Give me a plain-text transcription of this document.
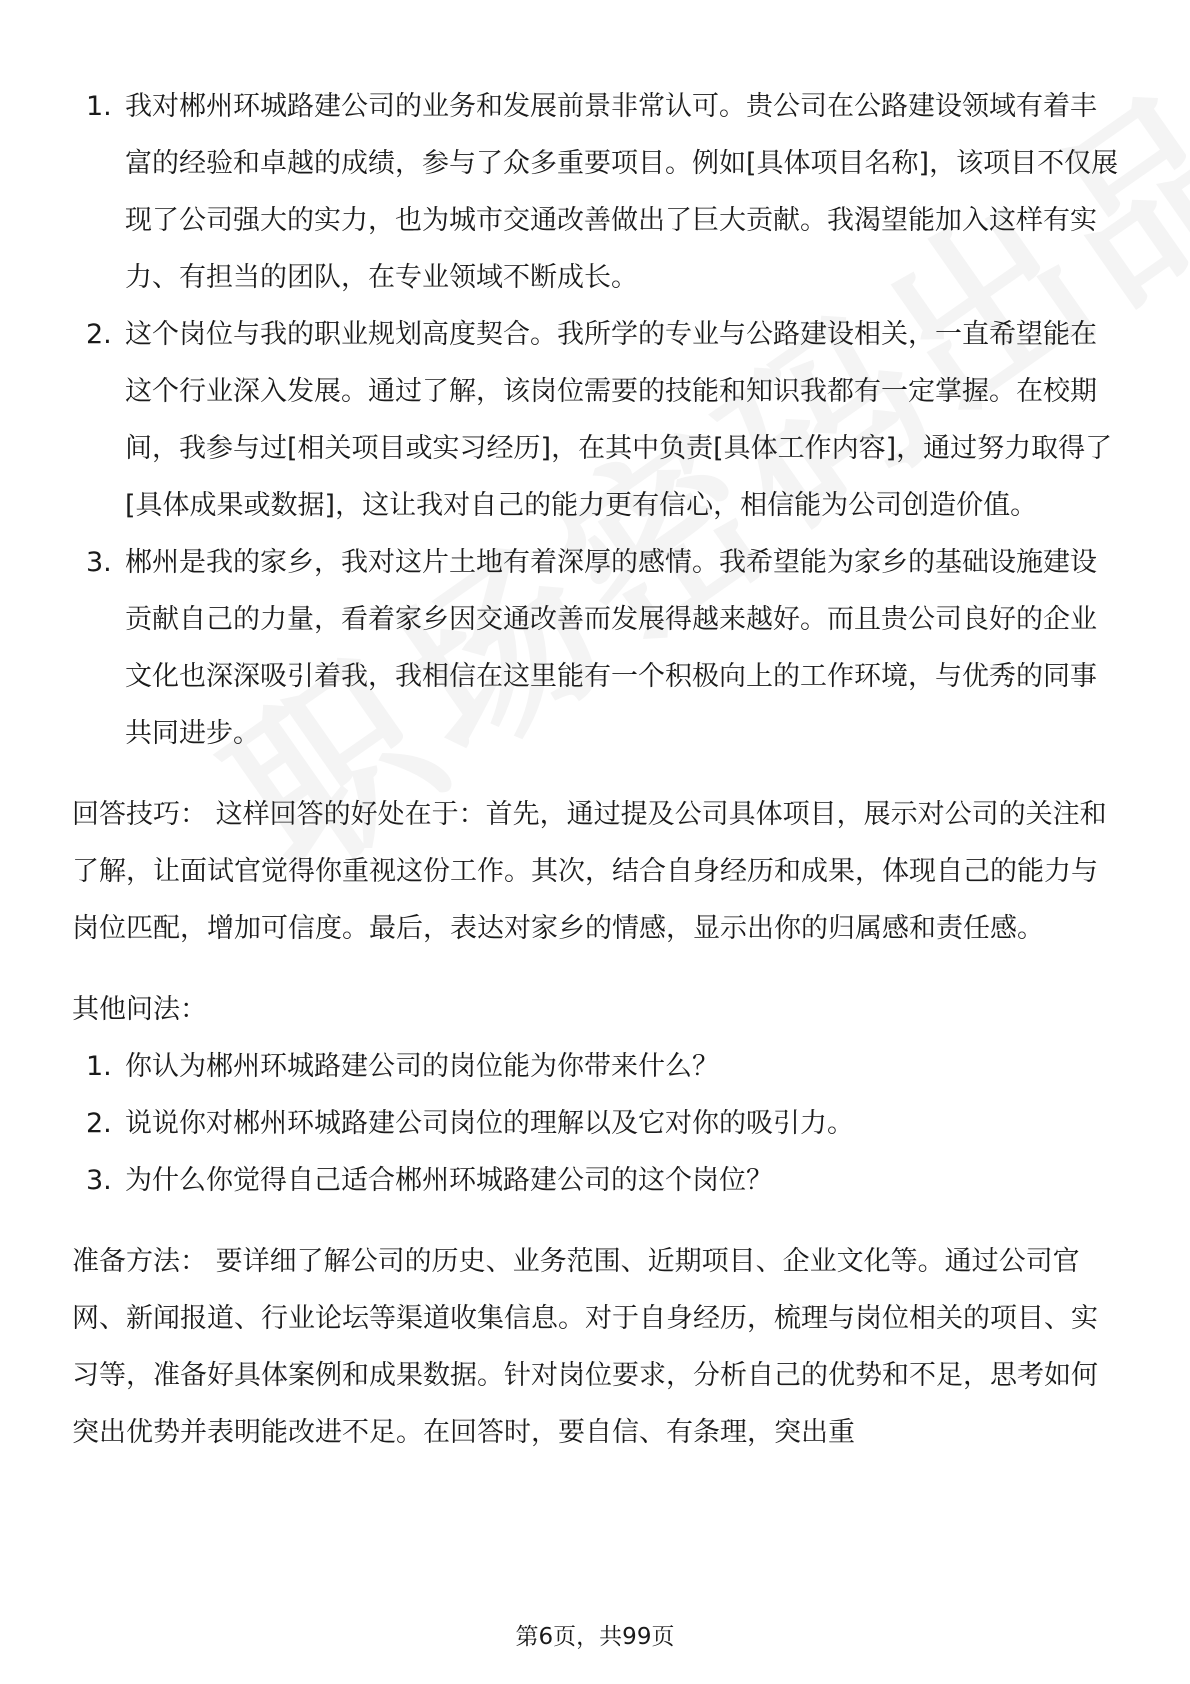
1. 我对郴州环城路建公司的业务和发展前景非常认可。贵公司在公路建设领域有着丰富的经验和卓越的成绩，参与了众多重要项目。例如[具体项目名称]，该项目不仅展现了公司强大的实力，也为城市交通改善做出了巨大贡献。我渴望能加入这样有实力、有担当的团队，在专业领域不断成长。
2. 这个岗位与我的职业规划高度契合。我所学的专业与公路建设相关，一直希望能在这个行业深入发展。通过了解，该岗位需要的技能和知识我都有一定掌握。在校期间，我参与过[相关项目或实习经历]，在其中负责[具体工作内容]，通过努力取得了[具体成果或数据]，这让我对自己的能力更有信心，相信能为公司创造价值。
3. 郴州是我的家乡，我对这片土地有着深厚的感情。我希望能为家乡的基础设施建设贡献自己的力量，看着家乡因交通改善而发展得越来越好。而且贵公司良好的企业文化也深深吸引着我，我相信在这里能有一个积极向上的工作环境，与优秀的同事共同进步。
回答技巧： 这样回答的好处在于：首先，通过提及公司具体项目，展示对公司的关注和了解，让面试官觉得你重视这份工作。其次，结合自身经历和成果，体现自己的能力与岗位匹配，增加可信度。最后，表达对家乡的情感，显示出你的归属感和责任感。
其他问法：
1. 你认为郴州环城路建公司的岗位能为你带来什么？
2. 说说你对郴州环城路建公司岗位的理解以及它对你的吸引力。
3. 为什么你觉得自己适合郴州环城路建公司的这个岗位？
准备方法： 要详细了解公司的历史、业务范围、近期项目、企业文化等。通过公司官网、新闻报道、行业论坛等渠道收集信息。对于自身经历，梳理与岗位相关的项目、实习等，准备好具体案例和成果数据。针对岗位要求，分析自己的优势和不足，思考如何突出优势并表明能改进不足。在回答时，要自信、有条理，突出重
第6页，共99页
